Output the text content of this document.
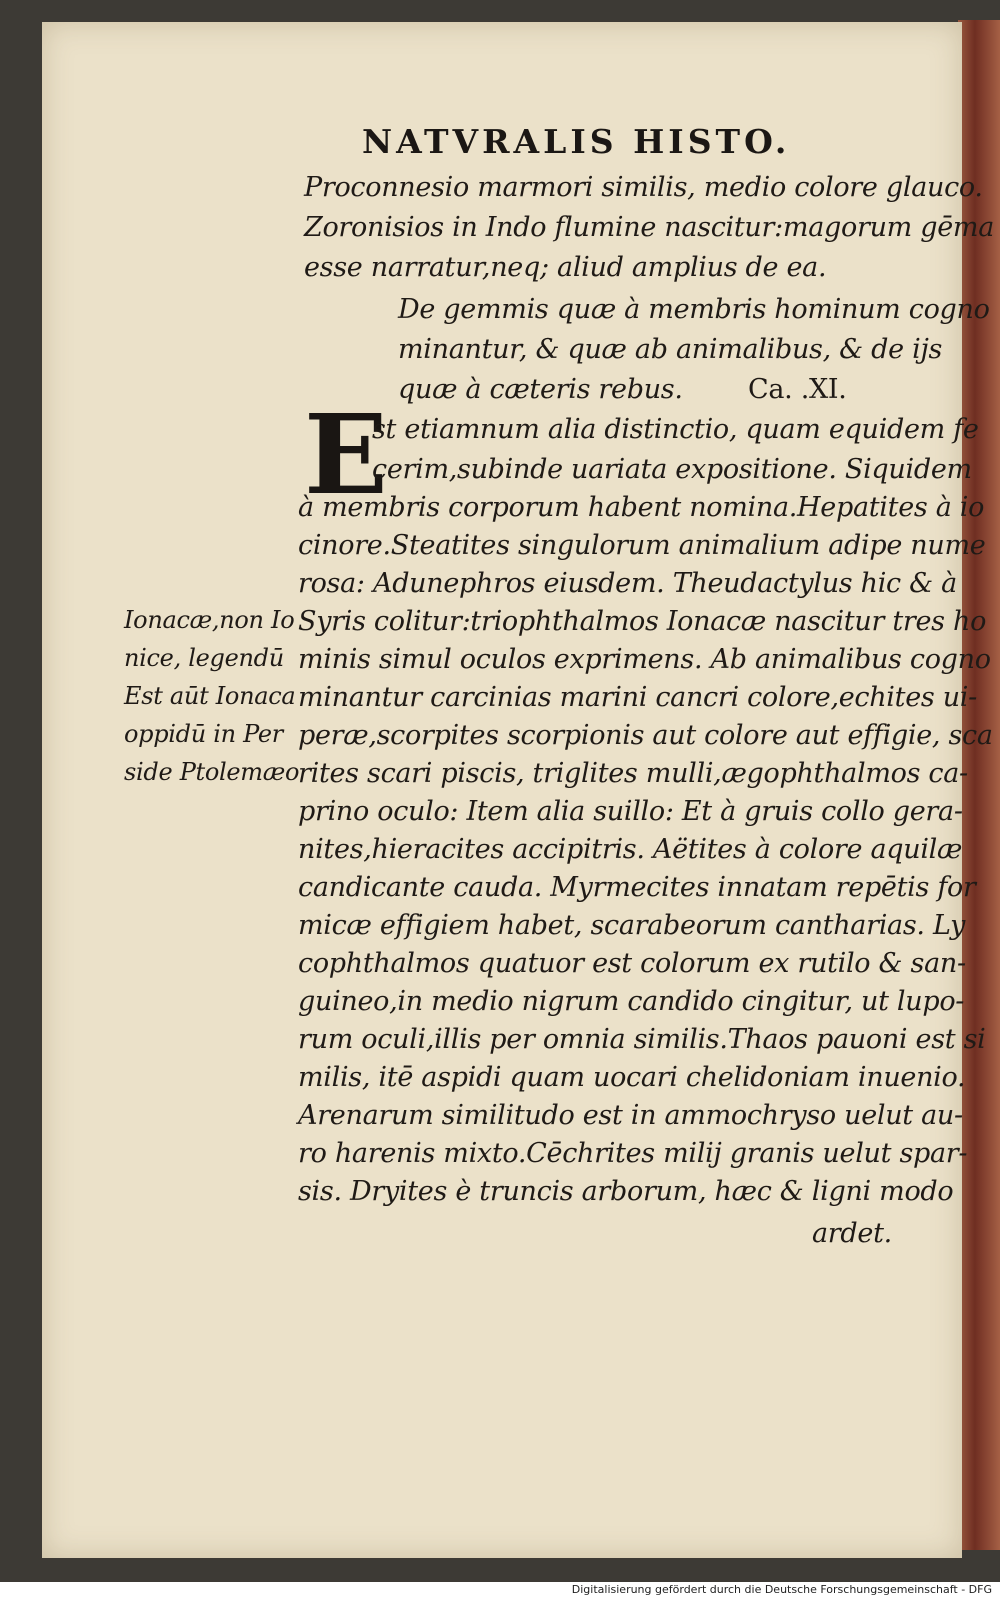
NATVRALIS HISTO.
Proconnesio marmori similis, medio colore glauco.
Zoronisios in Indo flumine nascitur:magorum gēma
esse narratur,neq; aliud amplius de ea.
De gemmis quæ à membris hominum cogno
minantur, & quæ ab animalibus, & de ijs
quæ à cæteris rebus. Ca. .XI.
E
st etiamnum alia distinctio, quam equidem fe
cerim,subinde uariata expositione. Siquidem
à membris corporum habent nomina.Hepatites à io
cinore.Steatites singulorum animalium adipe nume
rosa: Adunephros eiusdem. Theudactylus hic & à
Syris colitur:triophthalmos Ionacæ nascitur tres ho
minis simul oculos exprimens. Ab animalibus cogno
minantur carcinias marini cancri colore,echites ui-
peræ,scorpites scorpionis aut colore aut effigie, sca
rites scari piscis, triglites mulli,ægophthalmos ca-
prino oculo: Item alia suillo: Et à gruis collo gera-
nites,hieracites accipitris. Aëtites à colore aquilæ
candicante cauda. Myrmecites innatam repētis for
micæ effigiem habet, scarabeorum cantharias. Ly
cophthalmos quatuor est colorum ex rutilo & san-
guineo,in medio nigrum candido cingitur, ut lupo-
rum oculi,illis per omnia similis.Thaos pauoni est si
milis, itē aspidi quam uocari chelidoniam inuenio.
Arenarum similitudo est in ammochryso uelut au-
ro harenis mixto.Cēchrites milij granis uelut spar-
sis. Dryites è truncis arborum, hæc & ligni modo
ardet.
Ionacæ,non Io
nice, legendū
Est aūt Ionaca
oppidū in Per
side Ptolemæo
Digitalisierung gefördert durch die Deutsche Forschungsgemeinschaft - DFG
